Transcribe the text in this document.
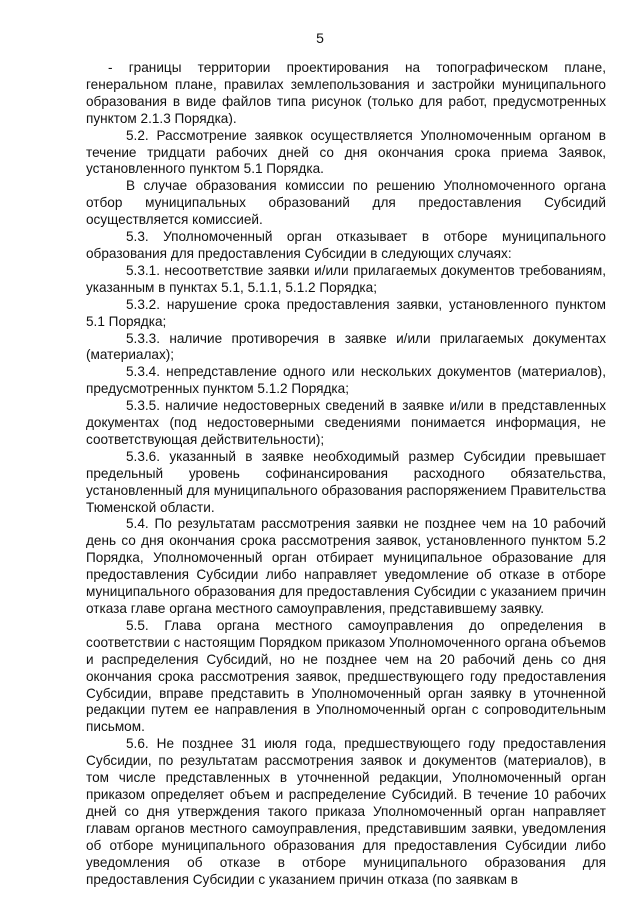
5

- границы территории проектирования на топографическом плане, генеральном плане, правилах землепользования и застройки муниципального образования в виде файлов типа рисунок (только для работ, предусмотренных пунктом 2.1.3 Порядка).

5.2. Рассмотрение заявкок осуществляется Уполномоченным органом в течение тридцати рабочих дней со дня окончания срока приема Заявок, установленного пунктом 5.1 Порядка.

В случае образования комиссии по решению Уполномоченного органа отбор муниципальных образований для предоставления Субсидий осуществляется комиссией.

5.3. Уполномоченный орган отказывает в отборе муниципального образования для предоставления Субсидии в следующих случаях:

5.3.1. несоответствие заявки и/или прилагаемых документов требованиям, указанным в пунктах 5.1, 5.1.1, 5.1.2 Порядка;

5.3.2. нарушение срока предоставления заявки, установленного пунктом 5.1 Порядка;

5.3.3. наличие противоречия в заявке и/или прилагаемых документах (материалах);

5.3.4. непредставление одного или нескольких документов (материалов), предусмотренных пунктом 5.1.2 Порядка;

5.3.5. наличие недостоверных сведений в заявке и/или в представленных документах (под недостоверными сведениями понимается информация, не соответствующая действительности);

5.3.6. указанный в заявке необходимый размер Субсидии превышает предельный уровень софинансирования расходного обязательства, установленный для муниципального образования распоряжением Правительства Тюменской области.

5.4. По результатам рассмотрения заявки не позднее чем на 10 рабочий день со дня окончания срока рассмотрения заявок, установленного пунктом 5.2 Порядка, Уполномоченный орган отбирает муниципальное образование для предоставления Субсидии либо направляет уведомление об отказе в отборе муниципального образования для предоставления Субсидии с указанием причин отказа главе органа местного самоуправления, представившему заявку.

5.5. Глава органа местного самоуправления до определения в соответствии с настоящим Порядком приказом Уполномоченного органа объемов и распределения Субсидий, но не позднее чем на 20 рабочий день со дня окончания срока рассмотрения заявок, предшествующего году предоставления Субсидии, вправе представить в Уполномоченный орган заявку в уточненной редакции путем ее направления в Уполномоченный орган с сопроводительным письмом.

5.6. Не позднее 31 июля года, предшествующего году предоставления Субсидии, по результатам рассмотрения заявок и документов (материалов), в том числе представленных в уточненной редакции, Уполномоченный орган приказом определяет объем и распределение Субсидий. В течение 10 рабочих дней со дня утверждения такого приказа Уполномоченный орган направляет главам органов местного самоуправления, представившим заявки, уведомления об отборе муниципального образования для предоставления Субсидии либо уведомления об отказе в отборе муниципального образования для предоставления Субсидии с указанием причин отказа (по заявкам в
